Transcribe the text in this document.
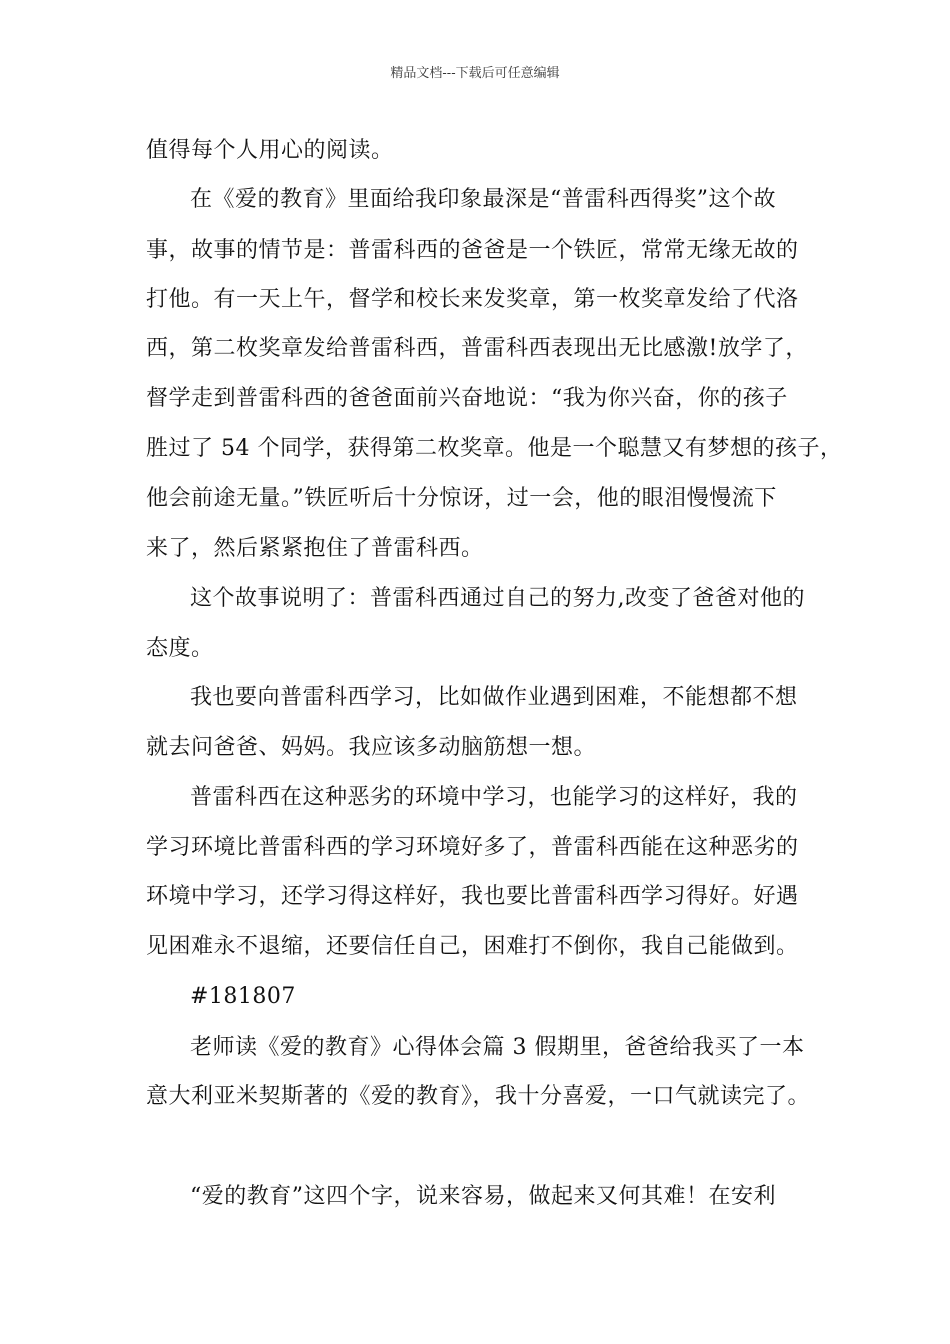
精品文档---下载后可任意编辑
值得每个人用心的阅读。
在《爱的教育》里面给我印象最深是“普雷科西得奖”这个故
事，故事的情节是：普雷科西的爸爸是一个铁匠，常常无缘无故的
打他。有一天上午，督学和校长来发奖章，第一枚奖章发给了代洛
西，第二枚奖章发给普雷科西，普雷科西表现出无比感激!放学了，
督学走到普雷科西的爸爸面前兴奋地说：“我为你兴奋，你的孩子
胜过了 54 个同学，获得第二枚奖章。他是一个聪慧又有梦想的孩子，
他会前途无量。”铁匠听后十分惊讶，过一会，他的眼泪慢慢流下
来了，然后紧紧抱住了普雷科西。
这个故事说明了：普雷科西通过自己的努力,改变了爸爸对他的
态度。
我也要向普雷科西学习，比如做作业遇到困难，不能想都不想
就去问爸爸、妈妈。我应该多动脑筋想一想。
普雷科西在这种恶劣的环境中学习，也能学习的这样好，我的
学习环境比普雷科西的学习环境好多了，普雷科西能在这种恶劣的
环境中学习，还学习得这样好，我也要比普雷科西学习得好。好遇
见困难永不退缩，还要信任自己，困难打不倒你，我自己能做到。
#181807
老师读《爱的教育》心得体会篇 3 假期里，爸爸给我买了一本
意大利亚米契斯著的《爱的教育》，我十分喜爱，一口气就读完了。
“爱的教育”这四个字，说来容易，做起来又何其难！在安利
